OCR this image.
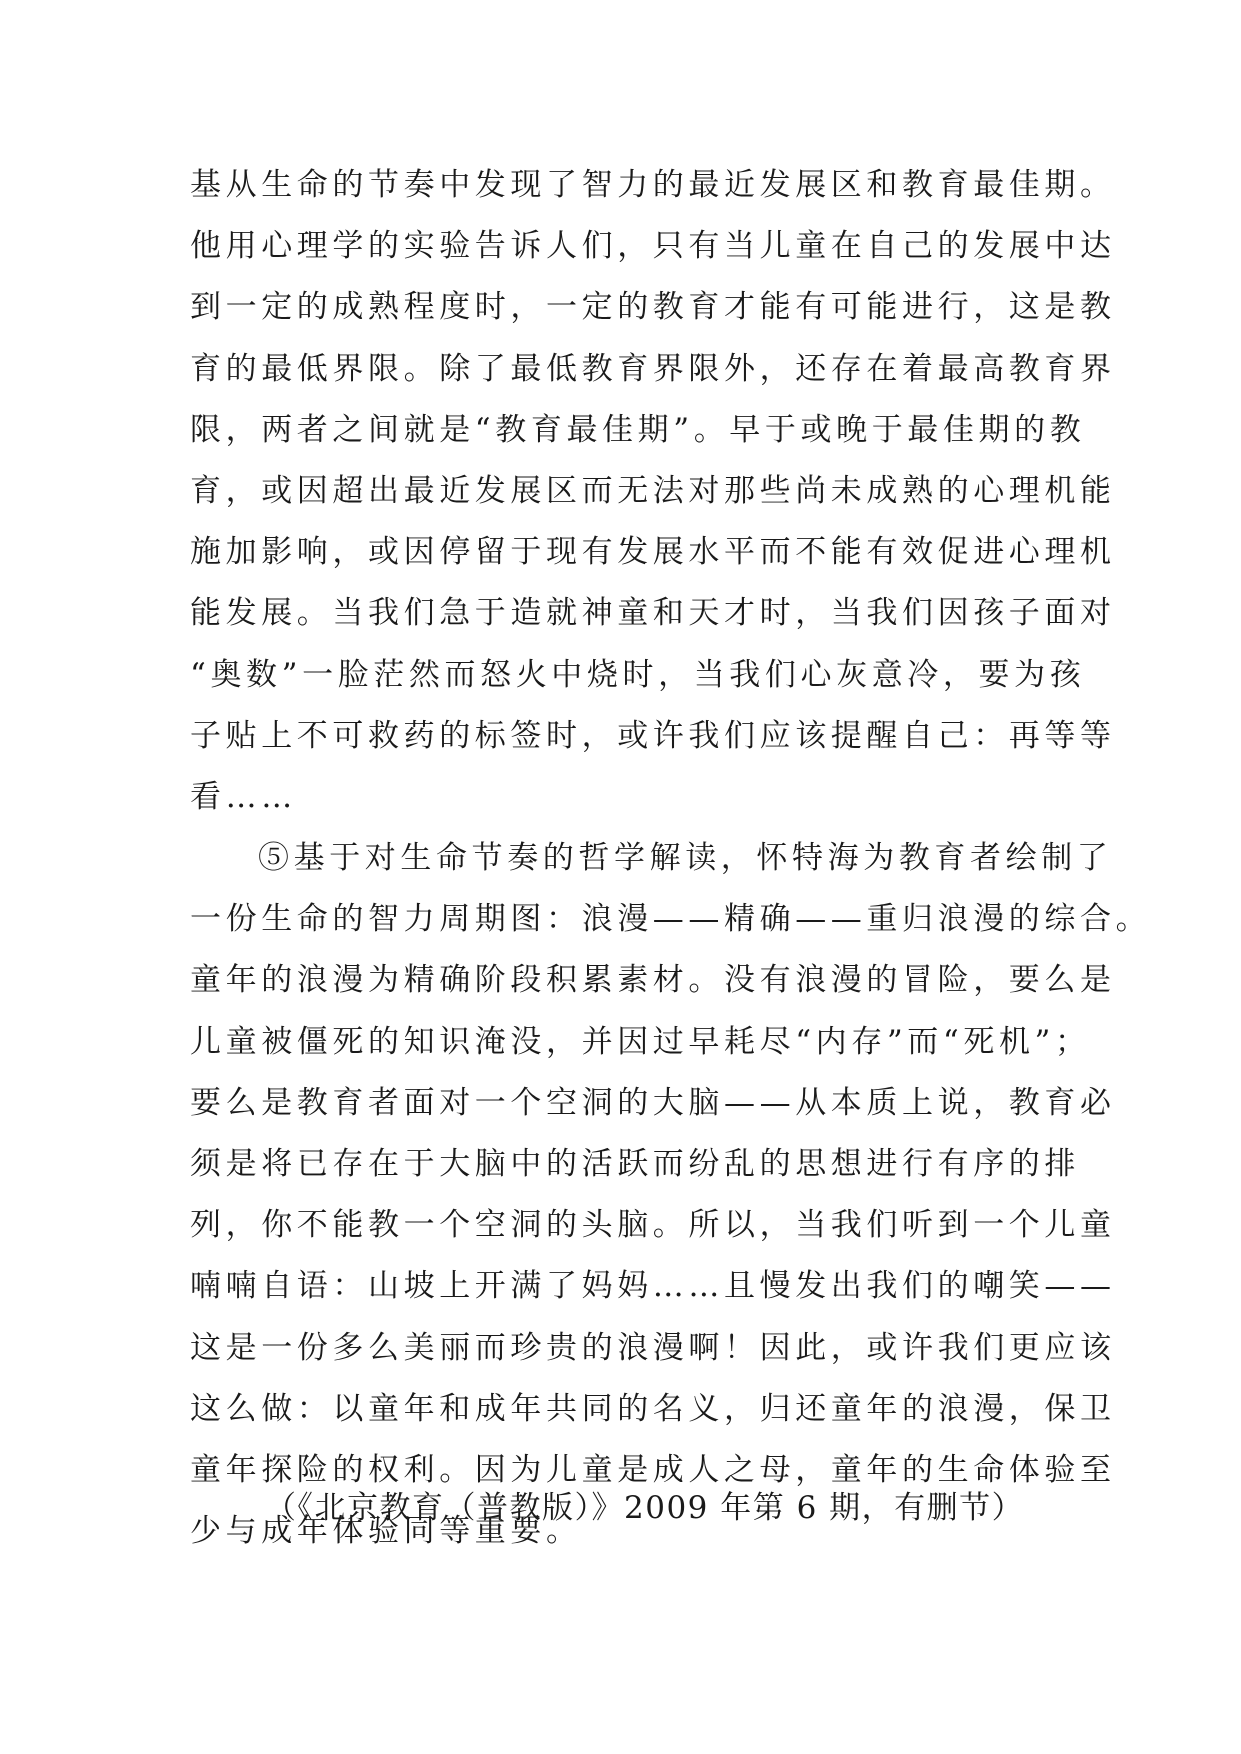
基从生命的节奏中发现了智力的最近发展区和教育最佳期。
他用心理学的实验告诉人们，只有当儿童在自己的发展中达
到一定的成熟程度时，一定的教育才能有可能进行，这是教
育的最低界限。除了最低教育界限外，还存在着最高教育界
限，两者之间就是“教育最佳期”。早于或晚于最佳期的教
育，或因超出最近发展区而无法对那些尚未成熟的心理机能
施加影响，或因停留于现有发展水平而不能有效促进心理机
能发展。当我们急于造就神童和天才时，当我们因孩子面对
“奥数”一脸茫然而怒火中烧时，当我们心灰意冷，要为孩
子贴上不可救药的标签时，或许我们应该提醒自己：再等等
看……
⑤基于对生命节奏的哲学解读，怀特海为教育者绘制了
一份生命的智力周期图：浪漫——精确——重归浪漫的综合。
童年的浪漫为精确阶段积累素材。没有浪漫的冒险，要么是
儿童被僵死的知识淹没，并因过早耗尽“内存”而“死机”；
要么是教育者面对一个空洞的大脑——从本质上说，教育必
须是将已存在于大脑中的活跃而纷乱的思想进行有序的排
列，你不能教一个空洞的头脑。所以，当我们听到一个儿童
喃喃自语：山坡上开满了妈妈……且慢发出我们的嘲笑——
这是一份多么美丽而珍贵的浪漫啊！因此，或许我们更应该
这么做：以童年和成年共同的名义，归还童年的浪漫，保卫
童年探险的权利。因为儿童是成人之母，童年的生命体验至
少与成年体验同等重要。
（《北京教育（普教版）》2009 年第 6 期，有删节）
